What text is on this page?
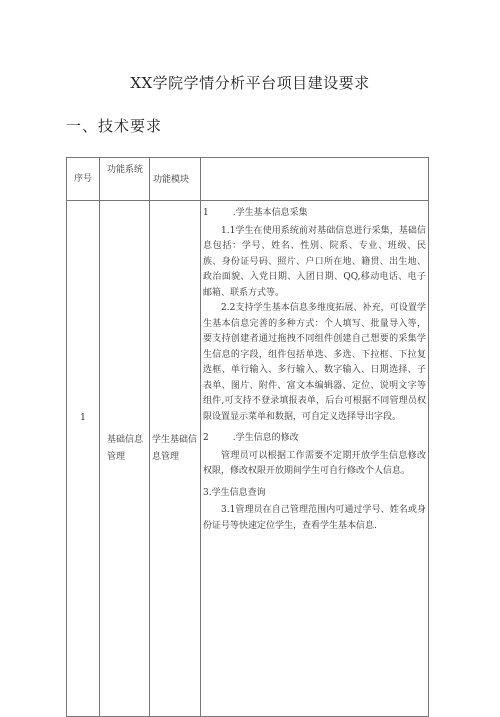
XX学院学情分析平台项目建设要求
一、技术要求
序号
功能系统
功能模块
1
基础信息管理
学生基础信息管理

1	.学生基本信息采集

1.1学生在使用系统前对基础信息进行采集，基础信息包括：学号、姓名、性别、院系、专业、班级、民族、身份证号码、照片、户口所在地、籍贯、出生地、政治面貌、入党日期、入团日期、QQ,移动电话、电子邮箱、联系方式等。

2.2支持学生基本信息多维度拓展、补充，可设置学生基本信息完善的多种方式：个人填写、批量导入等，要支持创建者通过拖拽不同组件创建自己想要的采集学生信息的字段，组件包括单选、多选、下拉框、下拉复选框、单行输入、多行输入、数字输入、日期选择、子表单、图片、附件、富文本编辑器、定位、说明文字等组件,可支持不登录填报表单，后台可根据不同管理员权限设置显示菜单和数据，可自定义选择导出字段。

2	.学生信息的修改

管理员可以根据工作需要不定期开放学生信息修改权限，修改权限开放期间学生可自行修改个人信息。

3.学生信息查询

3.1管理员在自己管理范围内可通过学号、姓名或身份证号等快速定位学生，查看学生基本信息.
